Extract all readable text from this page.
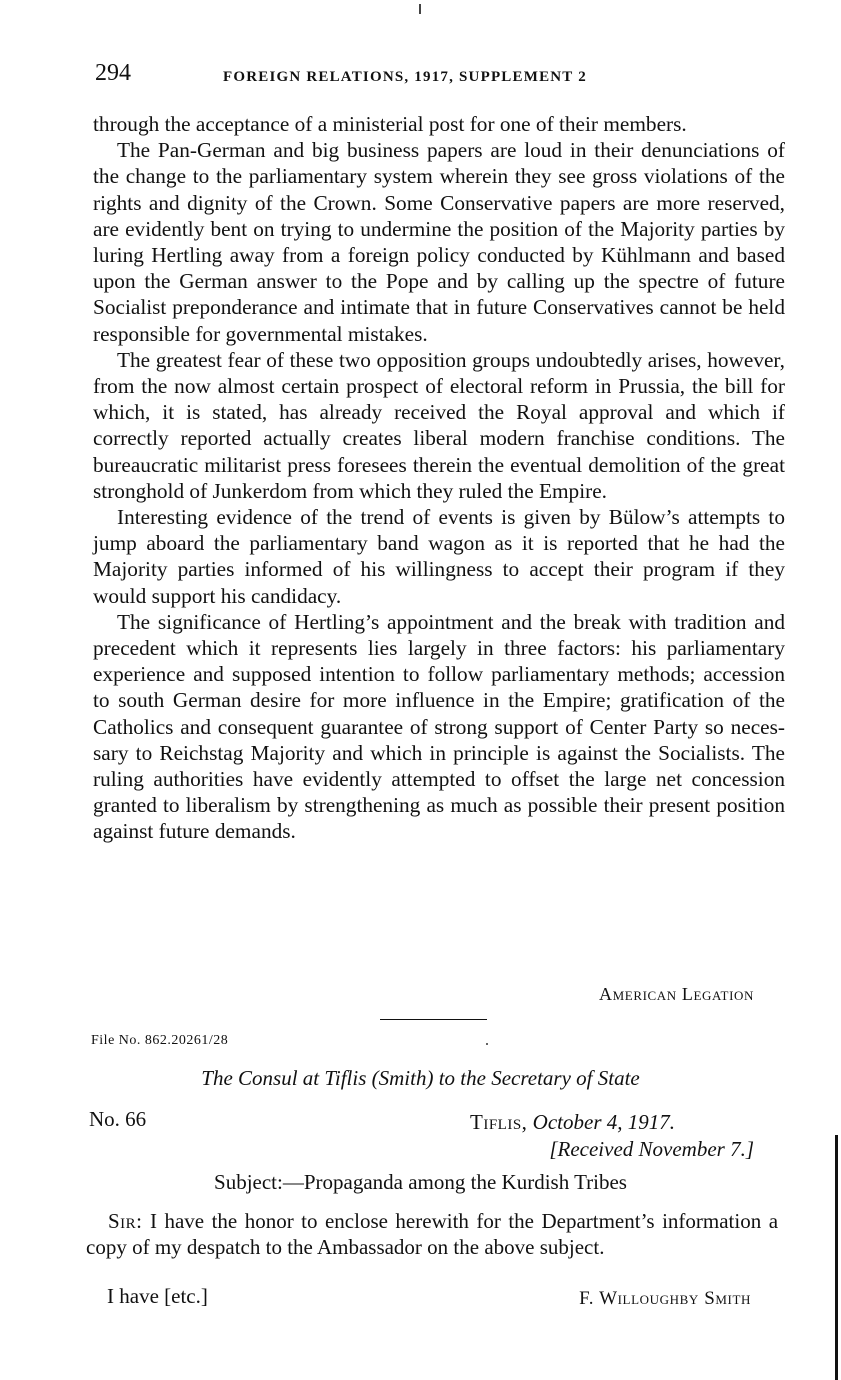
294	FOREIGN RELATIONS, 1917, SUPPLEMENT 2

through the acceptance of a ministerial post for one of their members.

The Pan-German and big business papers are loud in their denunciations of the change to the parliamentary system wherein they see gross violations of the rights and dignity of the Crown. Some Conservative papers are more reserved, are evidently bent on trying to undermine the position of the Majority parties by luring Hertling away from a foreign policy conducted by Kühlmann and based upon the German answer to the Pope and by calling up the spectre of future Socialist preponderance and intimate that in future Conservatives cannot be held responsible for governmental mistakes.

The greatest fear of these two opposition groups undoubtedly arises, however, from the now almost certain prospect of electoral reform in Prussia, the bill for which, it is stated, has already received the Royal approval and which if correctly reported actually creates liberal modern franchise conditions. The bureaucratic militarist press foresees therein the eventual demolition of the great stronghold of Junkerdom from which they ruled the Empire.

Interesting evidence of the trend of events is given by Bülow’s attempts to jump aboard the parliamentary band wagon as it is reported that he had the Majority parties informed of his willingness to accept their program if they would support his candidacy.

The significance of Hertling’s appointment and the break with tradition and precedent which it represents lies largely in three factors: his parliamentary experience and supposed intention to follow parliamentary methods; accession to south German desire for more influence in the Empire; gratification of the Catholics and consequent guarantee of strong support of Center Party so necessary to Reichstag Majority and which in principle is against the Socialists. The ruling authorities have evidently attempted to offset the large net concession granted to liberalism by strengthening as much as possible their present position against future demands.

American Legation
File No. 862.20261/28
The Consul at Tiflis (Smith) to the Secretary of State
No. 66	Tiflis, October 4, 1917.
[Received November 7.]
Subject:—Propaganda among the Kurdish Tribes

Sir: I have the honor to enclose herewith for the Department’s information a copy of my despatch to the Ambassador on the above subject.

I have [etc.]	F. Willoughby Smith
